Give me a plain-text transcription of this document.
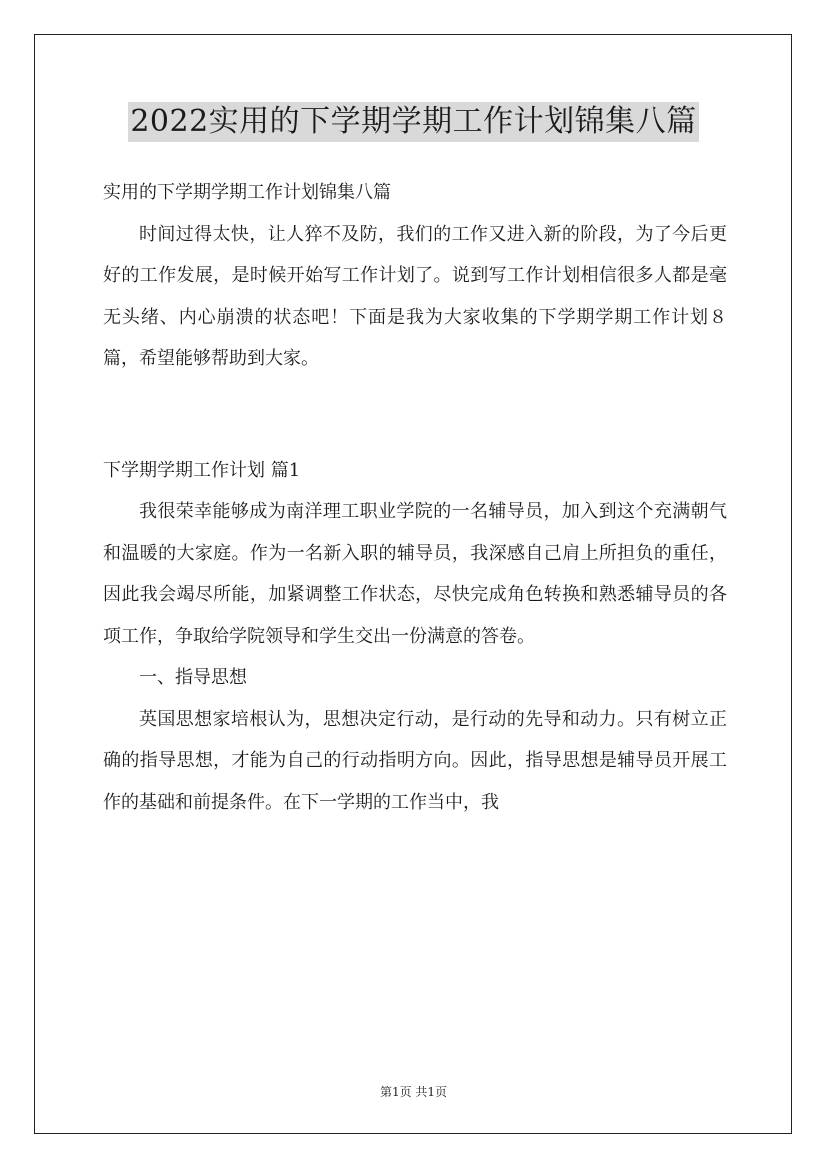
2022实用的下学期学期工作计划锦集八篇

实用的下学期学期工作计划锦集八篇

时间过得太快，让人猝不及防，我们的工作又进入新的阶段，为了今后更好的工作发展，是时候开始写工作计划了。说到写工作计划相信很多人都是毫无头绪、内心崩溃的状态吧！下面是我为大家收集的下学期学期工作计划８篇，希望能够帮助到大家。

下学期学期工作计划 篇1

我很荣幸能够成为南洋理工职业学院的一名辅导员，加入到这个充满朝气和温暖的大家庭。作为一名新入职的辅导员，我深感自己肩上所担负的重任，因此我会竭尽所能，加紧调整工作状态，尽快完成角色转换和熟悉辅导员的各项工作，争取给学院领导和学生交出一份满意的答卷。

一、指导思想

英国思想家培根认为，思想决定行动，是行动的先导和动力。只有树立正确的指导思想，才能为自己的行动指明方向。因此，指导思想是辅导员开展工作的基础和前提条件。在下一学期的工作当中，我

第1页 共1页
